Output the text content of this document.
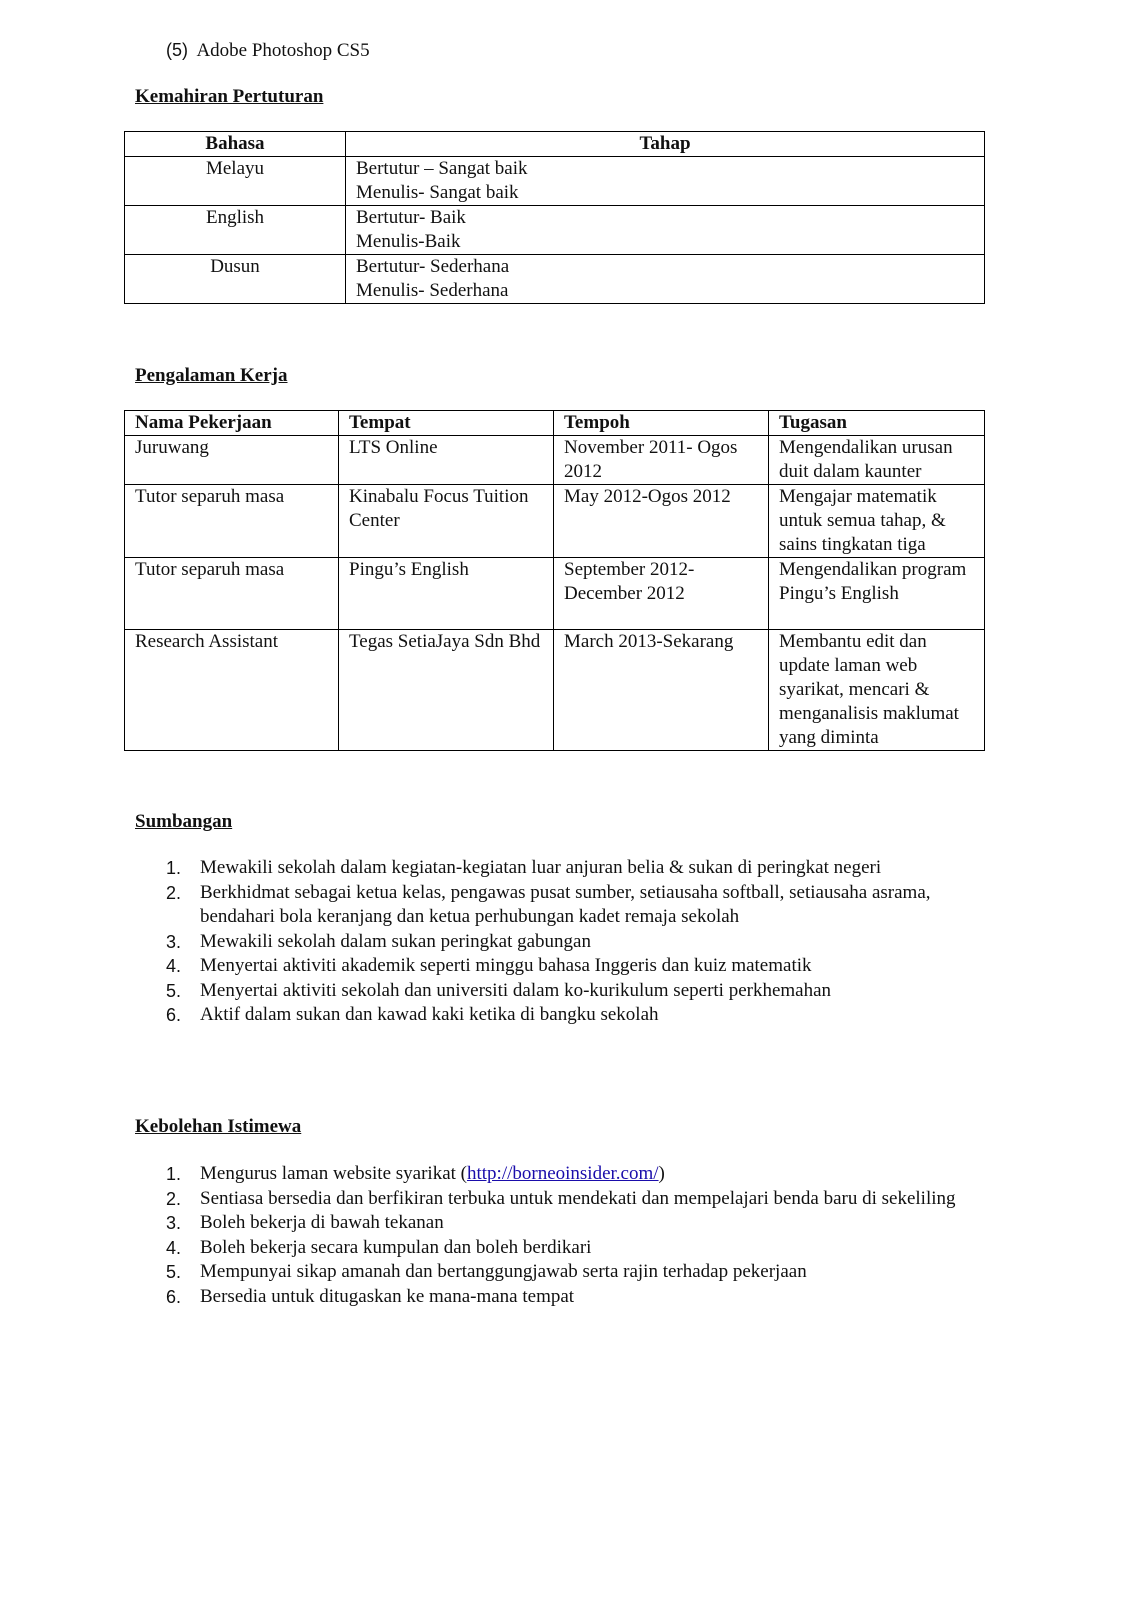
(5) Adobe Photoshop CS5
Kemahiran Pertuturan
Bahasa	Tahap
Melayu	Bertutur – Sangat baik
Menulis- Sangat baik

English	Bertutur- Baik
Menulis-Baik

Dusun	Bertutur- Sederhana
Menulis- Sederhana
Pengalaman Kerja
Nama Pekerjaan	Tempat	Tempoh	Tugasan
Juruwang	LTS Online	November 2011- Ogos 2012	Mengendalikan urusan duit dalam kaunter
Tutor separuh masa	Kinabalu Focus Tuition Center	May 2012-Ogos 2012	Mengajar matematik untuk semua tahap, & sains tingkatan tiga
Tutor separuh masa	Pingu’s English	September 2012- December 2012	Mengendalikan program Pingu’s English
Research Assistant	Tegas SetiaJaya Sdn Bhd	March 2013-Sekarang	Membantu edit dan update laman web syarikat, mencari & menganalisis maklumat yang diminta
Sumbangan
1. Mewakili sekolah dalam kegiatan-kegiatan luar anjuran belia & sukan di peringkat negeri
2. Berkhidmat sebagai ketua kelas, pengawas pusat sumber, setiausaha softball, setiausaha asrama, bendahari bola keranjang dan ketua perhubungan kadet remaja sekolah
3. Mewakili sekolah dalam sukan peringkat gabungan
4. Menyertai aktiviti akademik seperti minggu bahasa Inggeris dan kuiz matematik
5. Menyertai aktiviti sekolah dan universiti dalam ko-kurikulum seperti perkhemahan
6. Aktif dalam sukan dan kawad kaki ketika di bangku sekolah
Kebolehan Istimewa
1. Mengurus laman website syarikat (http://borneoinsider.com/)
2. Sentiasa bersedia dan berfikiran terbuka untuk mendekati dan mempelajari benda baru di sekeliling
3. Boleh bekerja di bawah tekanan
4. Boleh bekerja secara kumpulan dan boleh berdikari
5. Mempunyai sikap amanah dan bertanggungjawab serta rajin terhadap pekerjaan
6. Bersedia untuk ditugaskan ke mana-mana tempat
